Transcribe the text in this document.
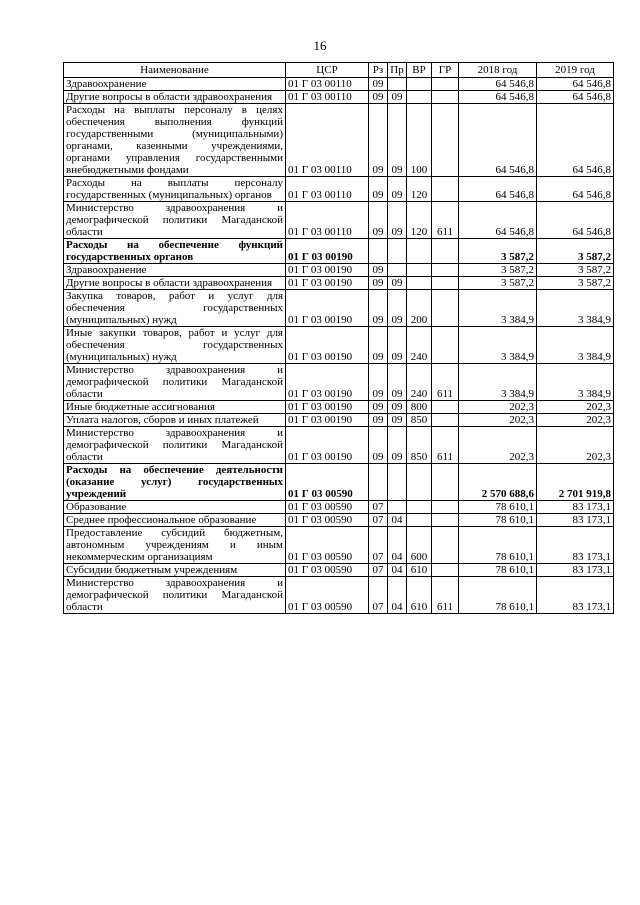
16
Наименование	ЦСР	Рз	Пр	ВР	ГР	2018 год	2019 год
Здравоохранение	01 Г 03 00110	09				64 546,8	64 546,8
Другие вопросы в области здравоохранения	01 Г 03 00110	09	09			64 546,8	64 546,8
Расходы на выплаты персоналу в целях обеспечения выполнения функций государственными (муниципальными) органами, казенными учреждениями, органами управления государственными внебюджетными фондами	01 Г 03 00110	09	09	100		64 546,8	64 546,8
Расходы на выплаты персоналу государственных (муниципальных) органов	01 Г 03 00110	09	09	120		64 546,8	64 546,8
Министерство здравоохранения и демографической политики Магаданской области	01 Г 03 00110	09	09	120	611	64 546,8	64 546,8
Расходы на обеспечение функций государственных органов	01 Г 03 00190					3 587,2	3 587,2
Здравоохранение	01 Г 03 00190	09				3 587,2	3 587,2
Другие вопросы в области здравоохранения	01 Г 03 00190	09	09			3 587,2	3 587,2
Закупка товаров, работ и услуг для обеспечения государственных (муниципальных) нужд	01 Г 03 00190	09	09	200		3 384,9	3 384,9
Иные закупки товаров, работ и услуг для обеспечения государственных (муниципальных) нужд	01 Г 03 00190	09	09	240		3 384,9	3 384,9
Министерство здравоохранения и демографической политики Магаданской области	01 Г 03 00190	09	09	240	611	3 384,9	3 384,9
Иные бюджетные ассигнования	01 Г 03 00190	09	09	800		202,3	202,3
Уплата налогов, сборов и иных платежей	01 Г 03 00190	09	09	850		202,3	202,3
Министерство здравоохранения и демографической политики Магаданской области	01 Г 03 00190	09	09	850	611	202,3	202,3
Расходы на обеспечение деятельности (оказание услуг) государственных учреждений	01 Г 03 00590					2 570 688,6	2 701 919,8
Образование	01 Г 03 00590	07				78 610,1	83 173,1
Среднее профессиональное образование	01 Г 03 00590	07	04			78 610,1	83 173,1
Предоставление субсидий бюджетным, автономным учреждениям и иным некоммерческим организациям	01 Г 03 00590	07	04	600		78 610,1	83 173,1
Субсидии бюджетным учреждениям	01 Г 03 00590	07	04	610		78 610,1	83 173,1
Министерство здравоохранения и демографической политики Магаданской области	01 Г 03 00590	07	04	610	611	78 610,1	83 173,1
